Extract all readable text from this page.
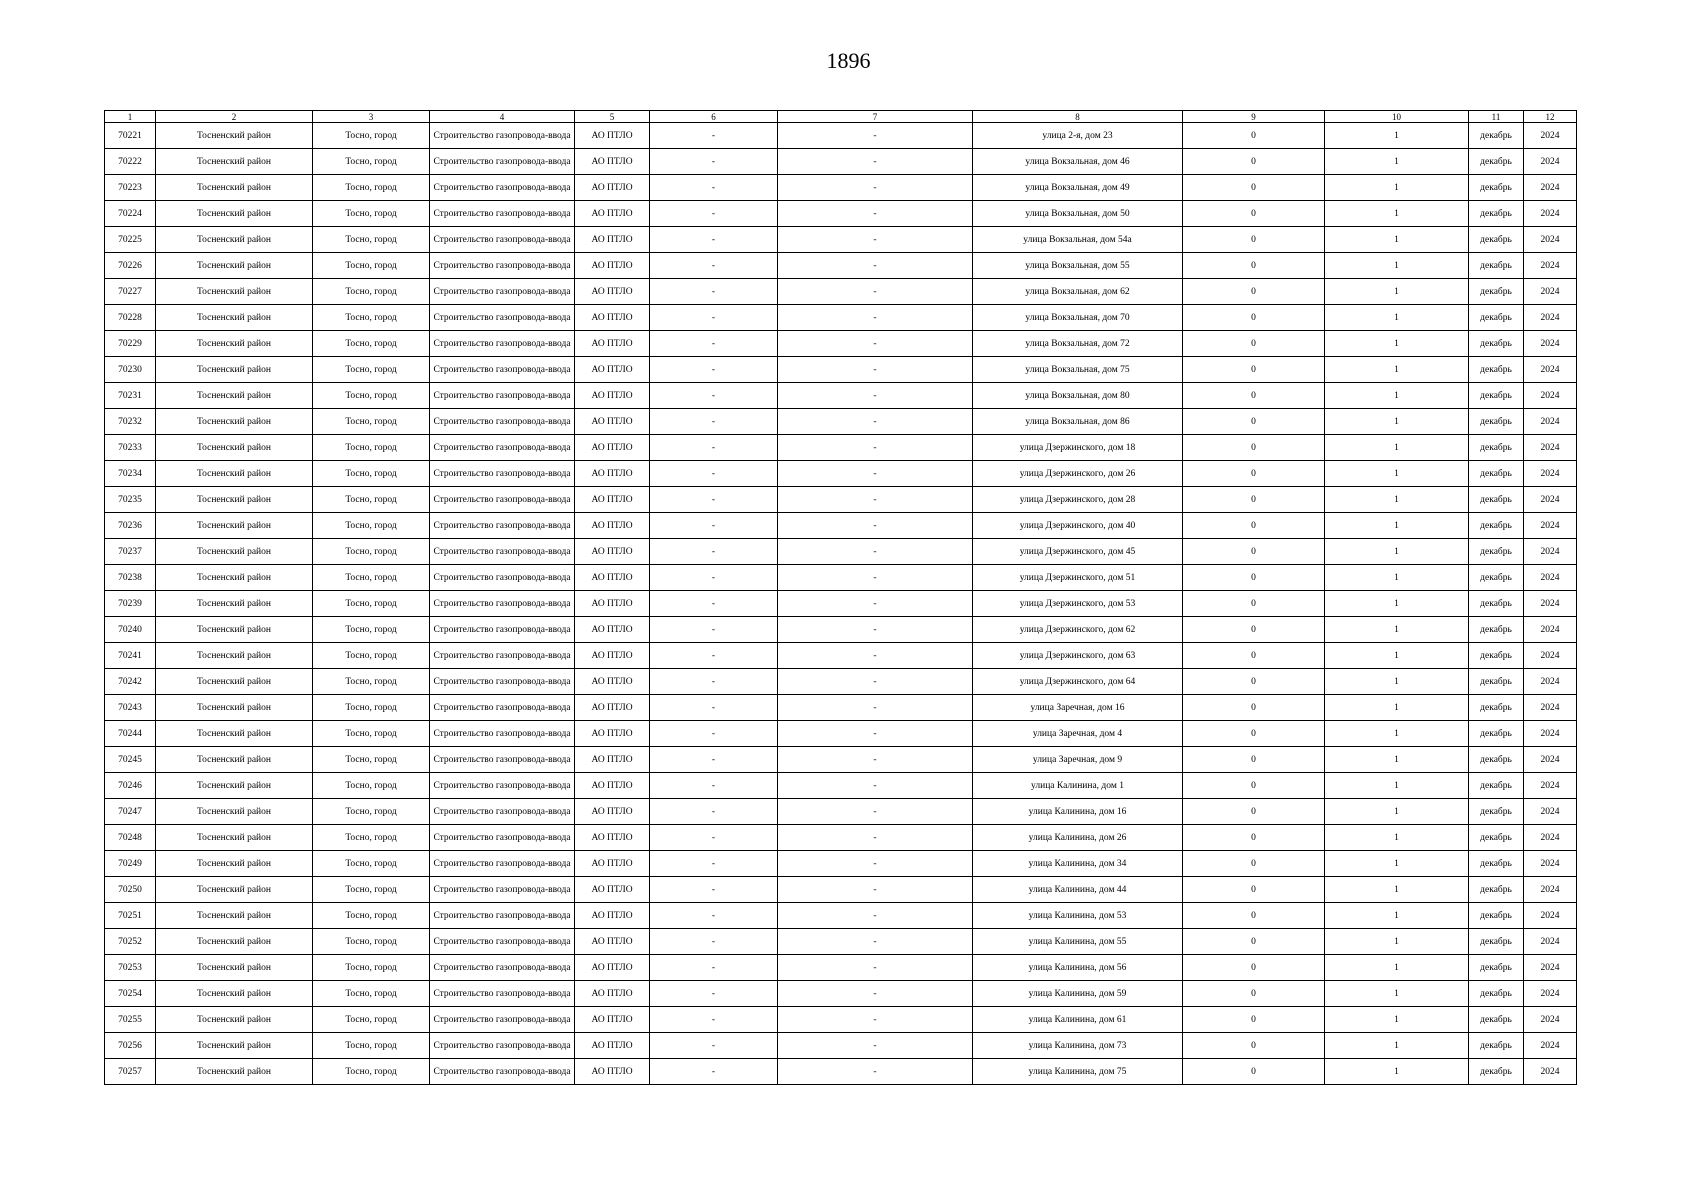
1896
1	2	3	4	5	6	7	8	9	10	11	12
70221	Тосненский район	Тосно, город	Строительство газопровода-ввода	АО ПТЛО	-	-	улица 2-я, дом 23	0	1	декабрь	2024
70222	Тосненский район	Тосно, город	Строительство газопровода-ввода	АО ПТЛО	-	-	улица Вокзальная, дом 46	0	1	декабрь	2024
70223	Тосненский район	Тосно, город	Строительство газопровода-ввода	АО ПТЛО	-	-	улица Вокзальная, дом 49	0	1	декабрь	2024
70224	Тосненский район	Тосно, город	Строительство газопровода-ввода	АО ПТЛО	-	-	улица Вокзальная, дом 50	0	1	декабрь	2024
70225	Тосненский район	Тосно, город	Строительство газопровода-ввода	АО ПТЛО	-	-	улица Вокзальная, дом 54а	0	1	декабрь	2024
70226	Тосненский район	Тосно, город	Строительство газопровода-ввода	АО ПТЛО	-	-	улица Вокзальная, дом 55	0	1	декабрь	2024
70227	Тосненский район	Тосно, город	Строительство газопровода-ввода	АО ПТЛО	-	-	улица Вокзальная, дом 62	0	1	декабрь	2024
70228	Тосненский район	Тосно, город	Строительство газопровода-ввода	АО ПТЛО	-	-	улица Вокзальная, дом 70	0	1	декабрь	2024
70229	Тосненский район	Тосно, город	Строительство газопровода-ввода	АО ПТЛО	-	-	улица Вокзальная, дом 72	0	1	декабрь	2024
70230	Тосненский район	Тосно, город	Строительство газопровода-ввода	АО ПТЛО	-	-	улица Вокзальная, дом 75	0	1	декабрь	2024
70231	Тосненский район	Тосно, город	Строительство газопровода-ввода	АО ПТЛО	-	-	улица Вокзальная, дом 80	0	1	декабрь	2024
70232	Тосненский район	Тосно, город	Строительство газопровода-ввода	АО ПТЛО	-	-	улица Вокзальная, дом 86	0	1	декабрь	2024
70233	Тосненский район	Тосно, город	Строительство газопровода-ввода	АО ПТЛО	-	-	улица Дзержинского, дом 18	0	1	декабрь	2024
70234	Тосненский район	Тосно, город	Строительство газопровода-ввода	АО ПТЛО	-	-	улица Дзержинского, дом 26	0	1	декабрь	2024
70235	Тосненский район	Тосно, город	Строительство газопровода-ввода	АО ПТЛО	-	-	улица Дзержинского, дом 28	0	1	декабрь	2024
70236	Тосненский район	Тосно, город	Строительство газопровода-ввода	АО ПТЛО	-	-	улица Дзержинского, дом 40	0	1	декабрь	2024
70237	Тосненский район	Тосно, город	Строительство газопровода-ввода	АО ПТЛО	-	-	улица Дзержинского, дом 45	0	1	декабрь	2024
70238	Тосненский район	Тосно, город	Строительство газопровода-ввода	АО ПТЛО	-	-	улица Дзержинского, дом 51	0	1	декабрь	2024
70239	Тосненский район	Тосно, город	Строительство газопровода-ввода	АО ПТЛО	-	-	улица Дзержинского, дом 53	0	1	декабрь	2024
70240	Тосненский район	Тосно, город	Строительство газопровода-ввода	АО ПТЛО	-	-	улица Дзержинского, дом 62	0	1	декабрь	2024
70241	Тосненский район	Тосно, город	Строительство газопровода-ввода	АО ПТЛО	-	-	улица Дзержинского, дом 63	0	1	декабрь	2024
70242	Тосненский район	Тосно, город	Строительство газопровода-ввода	АО ПТЛО	-	-	улица Дзержинского, дом 64	0	1	декабрь	2024
70243	Тосненский район	Тосно, город	Строительство газопровода-ввода	АО ПТЛО	-	-	улица Заречная, дом 16	0	1	декабрь	2024
70244	Тосненский район	Тосно, город	Строительство газопровода-ввода	АО ПТЛО	-	-	улица Заречная, дом 4	0	1	декабрь	2024
70245	Тосненский район	Тосно, город	Строительство газопровода-ввода	АО ПТЛО	-	-	улица Заречная, дом 9	0	1	декабрь	2024
70246	Тосненский район	Тосно, город	Строительство газопровода-ввода	АО ПТЛО	-	-	улица Калинина, дом 1	0	1	декабрь	2024
70247	Тосненский район	Тосно, город	Строительство газопровода-ввода	АО ПТЛО	-	-	улица Калинина, дом 16	0	1	декабрь	2024
70248	Тосненский район	Тосно, город	Строительство газопровода-ввода	АО ПТЛО	-	-	улица Калинина, дом 26	0	1	декабрь	2024
70249	Тосненский район	Тосно, город	Строительство газопровода-ввода	АО ПТЛО	-	-	улица Калинина, дом 34	0	1	декабрь	2024
70250	Тосненский район	Тосно, город	Строительство газопровода-ввода	АО ПТЛО	-	-	улица Калинина, дом 44	0	1	декабрь	2024
70251	Тосненский район	Тосно, город	Строительство газопровода-ввода	АО ПТЛО	-	-	улица Калинина, дом 53	0	1	декабрь	2024
70252	Тосненский район	Тосно, город	Строительство газопровода-ввода	АО ПТЛО	-	-	улица Калинина, дом 55	0	1	декабрь	2024
70253	Тосненский район	Тосно, город	Строительство газопровода-ввода	АО ПТЛО	-	-	улица Калинина, дом 56	0	1	декабрь	2024
70254	Тосненский район	Тосно, город	Строительство газопровода-ввода	АО ПТЛО	-	-	улица Калинина, дом 59	0	1	декабрь	2024
70255	Тосненский район	Тосно, город	Строительство газопровода-ввода	АО ПТЛО	-	-	улица Калинина, дом 61	0	1	декабрь	2024
70256	Тосненский район	Тосно, город	Строительство газопровода-ввода	АО ПТЛО	-	-	улица Калинина, дом 73	0	1	декабрь	2024
70257	Тосненский район	Тосно, город	Строительство газопровода-ввода	АО ПТЛО	-	-	улица Калинина, дом 75	0	1	декабрь	2024
